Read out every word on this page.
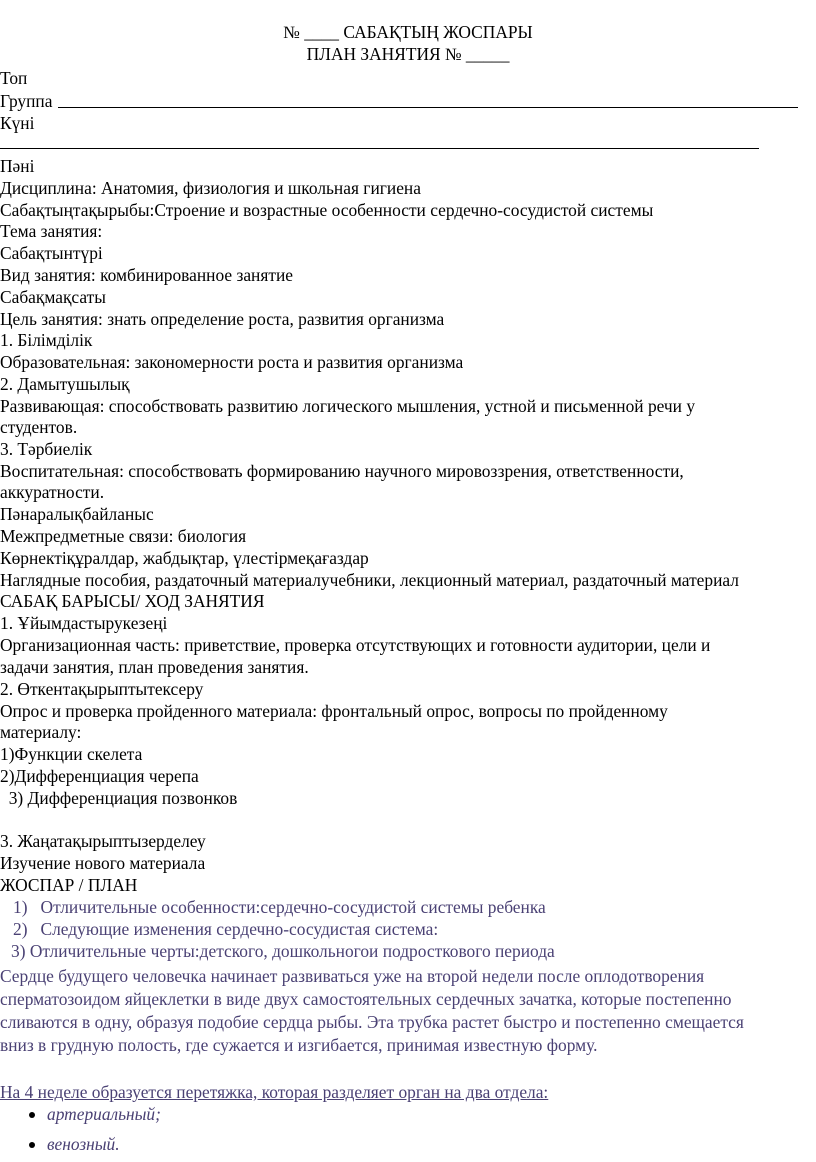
№ ____ САБАҚТЫҢ ЖОСПАРЫ
ПЛАН ЗАНЯТИЯ № _____
Топ
Группа
Күні
Пәні
Дисциплина: Анатомия, физиология и школьная гигиена
Сабақтыңтақырыбы:Строение и возрастные особенности сердечно-сосудистой системы
Тема занятия:
Сабақтынтүрі
Вид занятия: комбинированное занятие
Сабақмақсаты
Цель занятия: знать определение роста, развития организма
1. Білімділік
Образовательная: закономерности роста и развития организма
2. Дамытушылық
Развивающая: способствовать развитию логического мышления, устной и письменной речи у
студентов.
3. Тәрбиелік
Воспитательная: способствовать формированию научного мировоззрения, ответственности,
аккуратности.
Пәнаралықбайланыс
Межпредметные связи: биология
Көрнектіқұралдар, жабдықтар, үлестірмеқағаздар
Наглядные пособия, раздаточный материалучебники, лекционный материал, раздаточный материал
САБАҚ БАРЫСЫ/ ХОД ЗАНЯТИЯ
1. Ұйымдастырукезеңі
Организационная часть: приветствие, проверка отсутствующих и готовности аудитории, цели и
задачи занятия, план проведения занятия.
2. Өткентақырыптытексеру
Опрос и проверка пройденного материала: фронтальный опрос, вопросы по пройденному
материалу:
1)Функции скелета
2)Дифференциация черепа
3) Дифференциация позвонков
3. Жаңатақырыптызерделеу
Изучение нового материала
ЖОСПАР / ПЛАН
1)   Отличительные особенности:сердечно-сосудистой системы ребенка
2)   Следующие изменения сердечно-сосудистая система:
3) Отличительные черты:детского, дошкольногои подросткового периода
Сердце будущего человечка начинает развиваться уже на второй недели после оплодотворения
сперматозоидом яйцеклетки в виде двух самостоятельных сердечных зачатка, которые постепенно
сливаются в одну, образуя подобие сердца рыбы. Эта трубка растет быстро и постепенно смещается
вниз в грудную полость, где сужается и изгибается, принимая известную форму.
На 4 неделе образуется перетяжка, которая разделяет орган на два отдела:
артериальный;
венозный.
